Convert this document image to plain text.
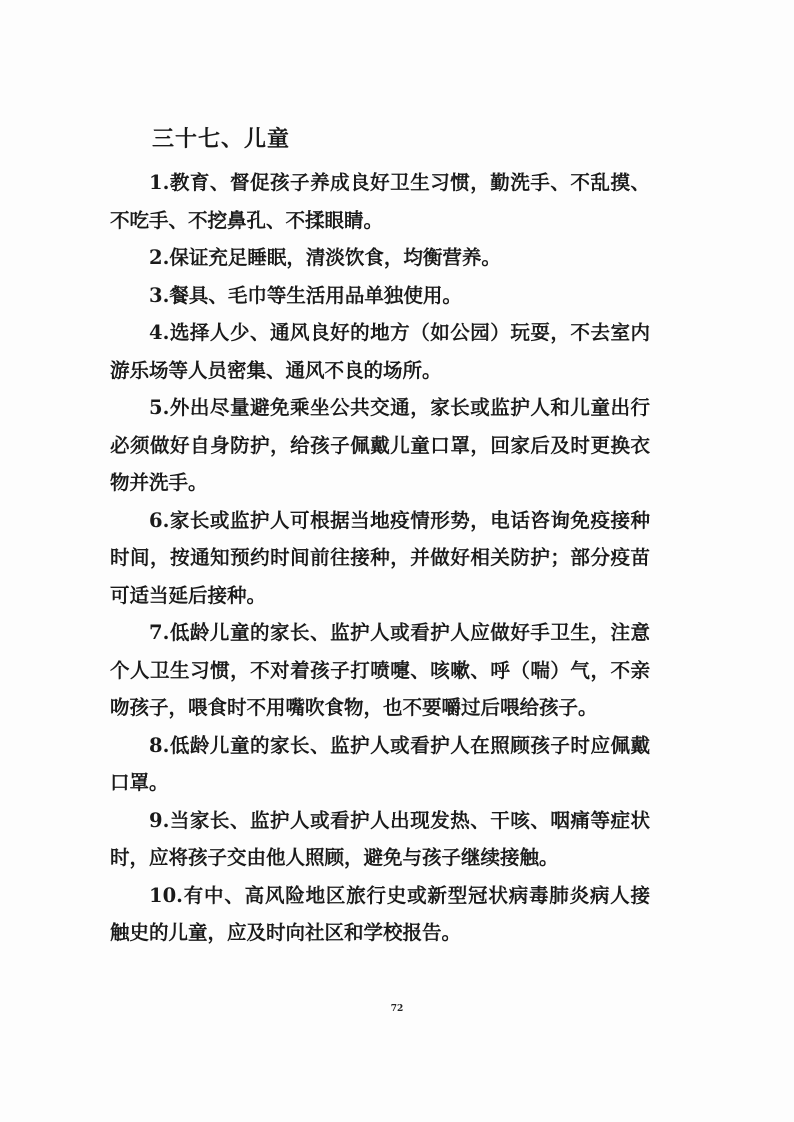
三十七、儿童

1.教育、督促孩子养成良好卫生习惯，勤洗手、不乱摸、不吃手、不挖鼻孔、不揉眼睛。

2.保证充足睡眠，清淡饮食，均衡营养。

3.餐具、毛巾等生活用品单独使用。

4.选择人少、通风良好的地方（如公园）玩耍，不去室内游乐场等人员密集、通风不良的场所。

5.外出尽量避免乘坐公共交通，家长或监护人和儿童出行必须做好自身防护，给孩子佩戴儿童口罩，回家后及时更换衣物并洗手。

6.家长或监护人可根据当地疫情形势，电话咨询免疫接种时间，按通知预约时间前往接种，并做好相关防护；部分疫苗可适当延后接种。

7.低龄儿童的家长、监护人或看护人应做好手卫生，注意个人卫生习惯，不对着孩子打喷嚏、咳嗽、呼（喘）气，不亲吻孩子，喂食时不用嘴吹食物，也不要嚼过后喂给孩子。

8.低龄儿童的家长、监护人或看护人在照顾孩子时应佩戴口罩。

9.当家长、监护人或看护人出现发热、干咳、咽痛等症状时，应将孩子交由他人照顾，避免与孩子继续接触。

10.有中、高风险地区旅行史或新型冠状病毒肺炎病人接触史的儿童，应及时向社区和学校报告。

72
